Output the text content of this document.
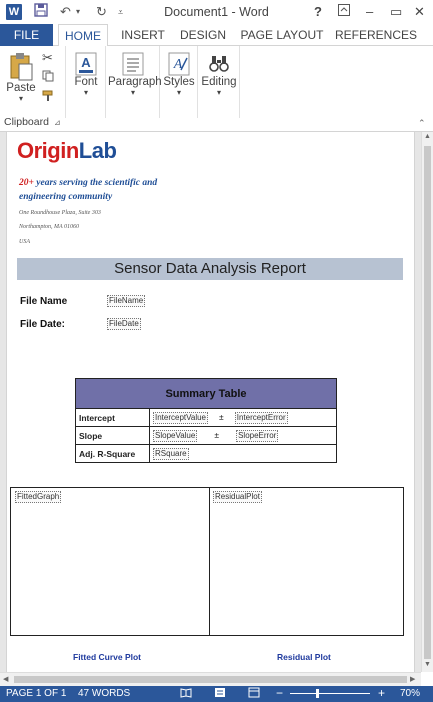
W	↶ ▾ ↻ ⩡	Document1 - Word	?	– ▭ ✕
FILE	HOME	INSERT	DESIGN	PAGE LAYOUT REFERENCES
Paste
▾
✂
Clipboard ⊿
A
Font
▾
Paragraph
▾
A
Styles
▾
Editing
▾
⌃
OriginLab
20+ years serving the scientific and engineering community
One Roundhouse Plaza, Suite 303
Northampton, MA 01060
USA
Sensor Data Analysis Report
File Name	FileName
File Date:	FileDate
Summary Table	
Intercept	InterceptValue ± InterceptError
Slope	SlopeValue ± SlopeError
Adj. R-Square	RSquare
FittedGraph	ResidualPlot
Fitted Curve Plot	Residual Plot
▲
▼
◀	▶
PAGE 1 OF 1 47 WORDS	−	+ 70%
